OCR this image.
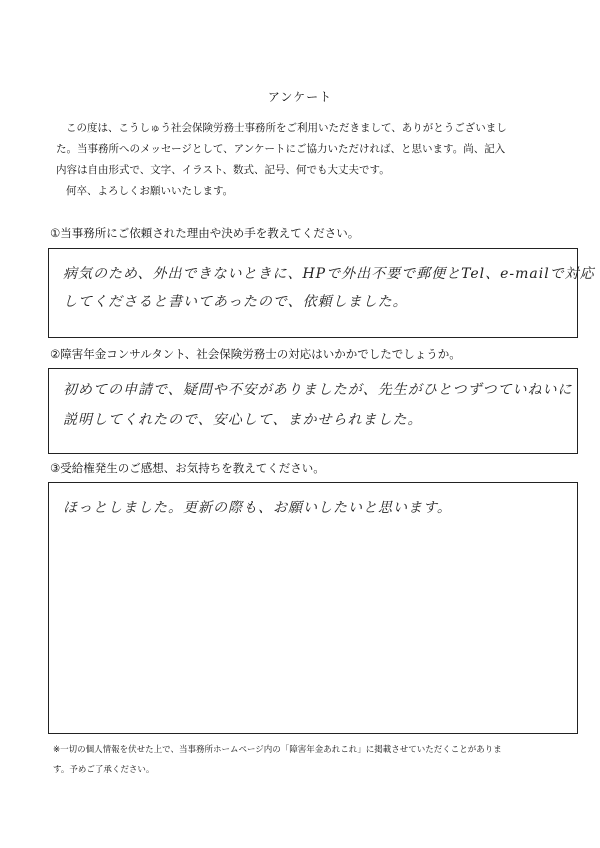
アンケート

この度は、こうしゅう社会保険労務士事務所をご利用いただきまして、ありがとうございまし

た。当事務所へのメッセージとして、アンケートにご協力いただければ、と思います。尚、記入

内容は自由形式で、文字、イラスト、数式、記号、何でも大丈夫です。

何卒、よろしくお願いいたします。

①当事務所にご依頼された理由や決め手を教えてください。
病気のため、外出できないときに、HPで外出不要で郵便とTel、e-mailで対応
してくださると書いてあったので、依頼しました。
②障害年金コンサルタント、社会保険労務士の対応はいかかでしたでしょうか。
初めての申請で、疑問や不安がありましたが、先生がひとつずつていねいに
説明してくれたので、安心して、まかせられました。
③受給権発生のご感想、お気持ちを教えてください。
ほっとしました。更新の際も、お願いしたいと思います。

※一切の個人情報を伏せた上で、当事務所ホームページ内の「障害年金あれこれ」に掲載させていただくことがありま

す。予めご了承ください。
